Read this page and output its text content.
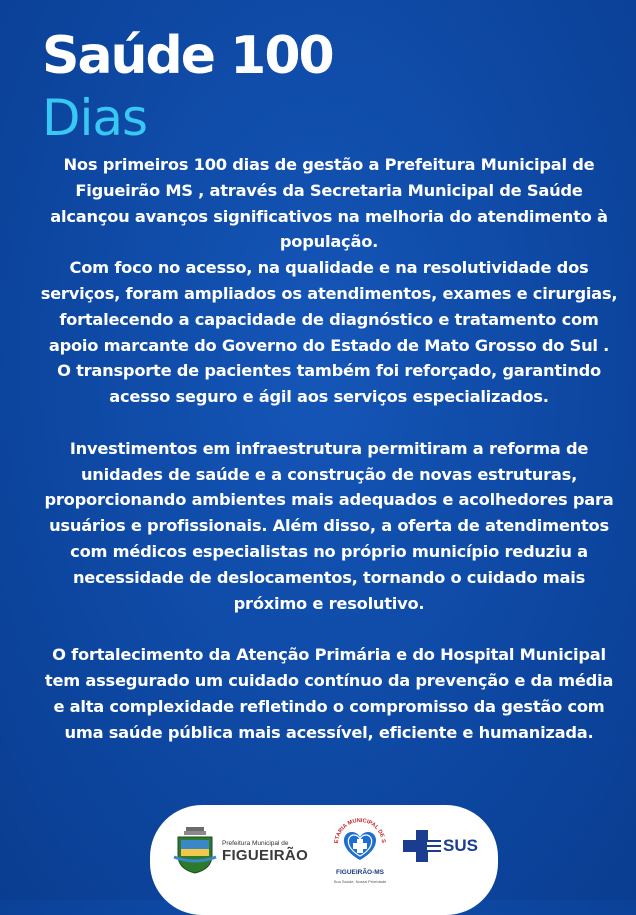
Saúde 100
Dias

Nos primeiros 100 dias de gestão a Prefeitura Municipal de Figueirão MS , através da Secretaria Municipal de Saúde alcançou avanços significativos na melhoria do atendimento à população.

Com foco no acesso, na qualidade e na resolutividade dos serviços, foram ampliados os atendimentos, exames e cirurgias, fortalecendo a capacidade de diagnóstico e tratamento com apoio marcante do Governo do Estado de Mato Grosso do Sul . O transporte de pacientes também foi reforçado, garantindo acesso seguro e ágil aos serviços especializados.

Investimentos em infraestrutura permitiram a reforma de unidades de saúde e a construção de novas estruturas, proporcionando ambientes mais adequados e acolhedores para usuários e profissionais. Além disso, a oferta de atendimentos com médicos especialistas no próprio município reduziu a necessidade de deslocamentos, tornando o cuidado mais próximo e resolutivo.

O fortalecimento da Atenção Primária e do Hospital Municipal tem assegurado um cuidado contínuo da prevenção e da média e alta complexidade refletindo o compromisso da gestão com uma saúde pública mais acessível, eficiente e humanizada.

Prefeitura Municipal de
FIGUEIRÃO
ETARIA MUNICIPAL DE S
FIGUEIRÃO-MS
Sua Saúde, Nossa Prioridade
SUS
